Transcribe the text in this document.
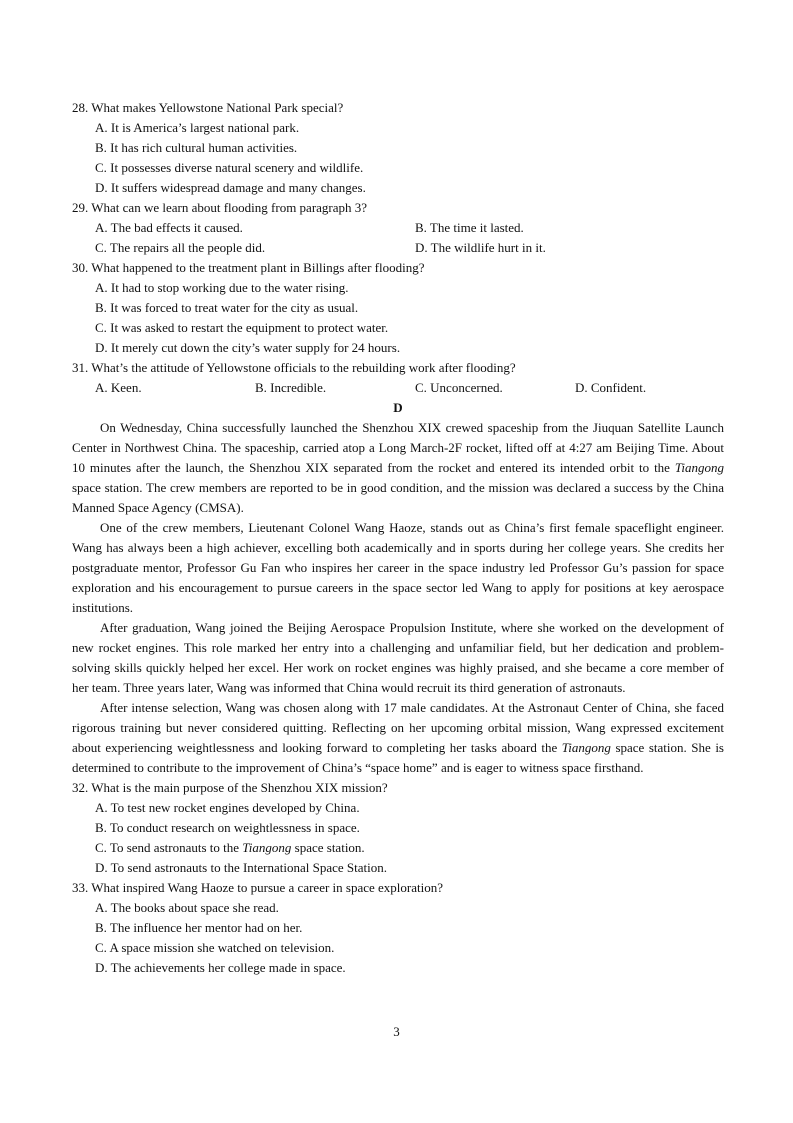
28. What makes Yellowstone National Park special?

A. It is America’s largest national park.

B. It has rich cultural human activities.

C. It possesses diverse natural scenery and wildlife.

D. It suffers widespread damage and many changes.

29. What can we learn about flooding from paragraph 3?

A. The bad effects it caused.	B. The time it lasted.
C. The repairs all the people did.	D. The wildlife hurt in it.

30. What happened to the treatment plant in Billings after flooding?

A. It had to stop working due to the water rising.

B. It was forced to treat water for the city as usual.

C. It was asked to restart the equipment to protect water.

D. It merely cut down the city’s water supply for 24 hours.

31. What’s the attitude of Yellowstone officials to the rebuilding work after flooding?

A. Keen.	B. Incredible.	C. Unconcerned.	D. Confident.

D

On Wednesday, China successfully launched the Shenzhou XIX crewed spaceship from the Jiuquan Satellite Launch Center in Northwest China. The spaceship, carried atop a Long March-2F rocket, lifted off at 4:27 am Beijing Time. About 10 minutes after the launch, the Shenzhou XIX separated from the rocket and entered its intended orbit to the Tiangong space station. The crew members are reported to be in good condition, and the mission was declared a success by the China Manned Space Agency (CMSA).

One of the crew members, Lieutenant Colonel Wang Haoze, stands out as China’s first female spaceflight engineer. Wang has always been a high achiever, excelling both academically and in sports during her college years. She credits her postgraduate mentor, Professor Gu Fan who inspires her career in the space industry led Professor Gu’s passion for space exploration and his encouragement to pursue careers in the space sector led Wang to apply for positions at key aerospace institutions.

After graduation, Wang joined the Beijing Aerospace Propulsion Institute, where she worked on the development of new rocket engines. This role marked her entry into a challenging and unfamiliar field, but her dedication and problem-solving skills quickly helped her excel. Her work on rocket engines was highly praised, and she became a core member of her team. Three years later, Wang was informed that China would recruit its third generation of astronauts.

After intense selection, Wang was chosen along with 17 male candidates. At the Astronaut Center of China, she faced rigorous training but never considered quitting. Reflecting on her upcoming orbital mission, Wang expressed excitement about experiencing weightlessness and looking forward to completing her tasks aboard the Tiangong space station. She is determined to contribute to the improvement of China’s “space home” and is eager to witness space firsthand.

32. What is the main purpose of the Shenzhou XIX mission?

A. To test new rocket engines developed by China.

B. To conduct research on weightlessness in space.

C. To send astronauts to the Tiangong space station.

D. To send astronauts to the International Space Station.

33. What inspired Wang Haoze to pursue a career in space exploration?

A. The books about space she read.

B. The influence her mentor had on her.

C. A space mission she watched on television.

D. The achievements her college made in space.

3
